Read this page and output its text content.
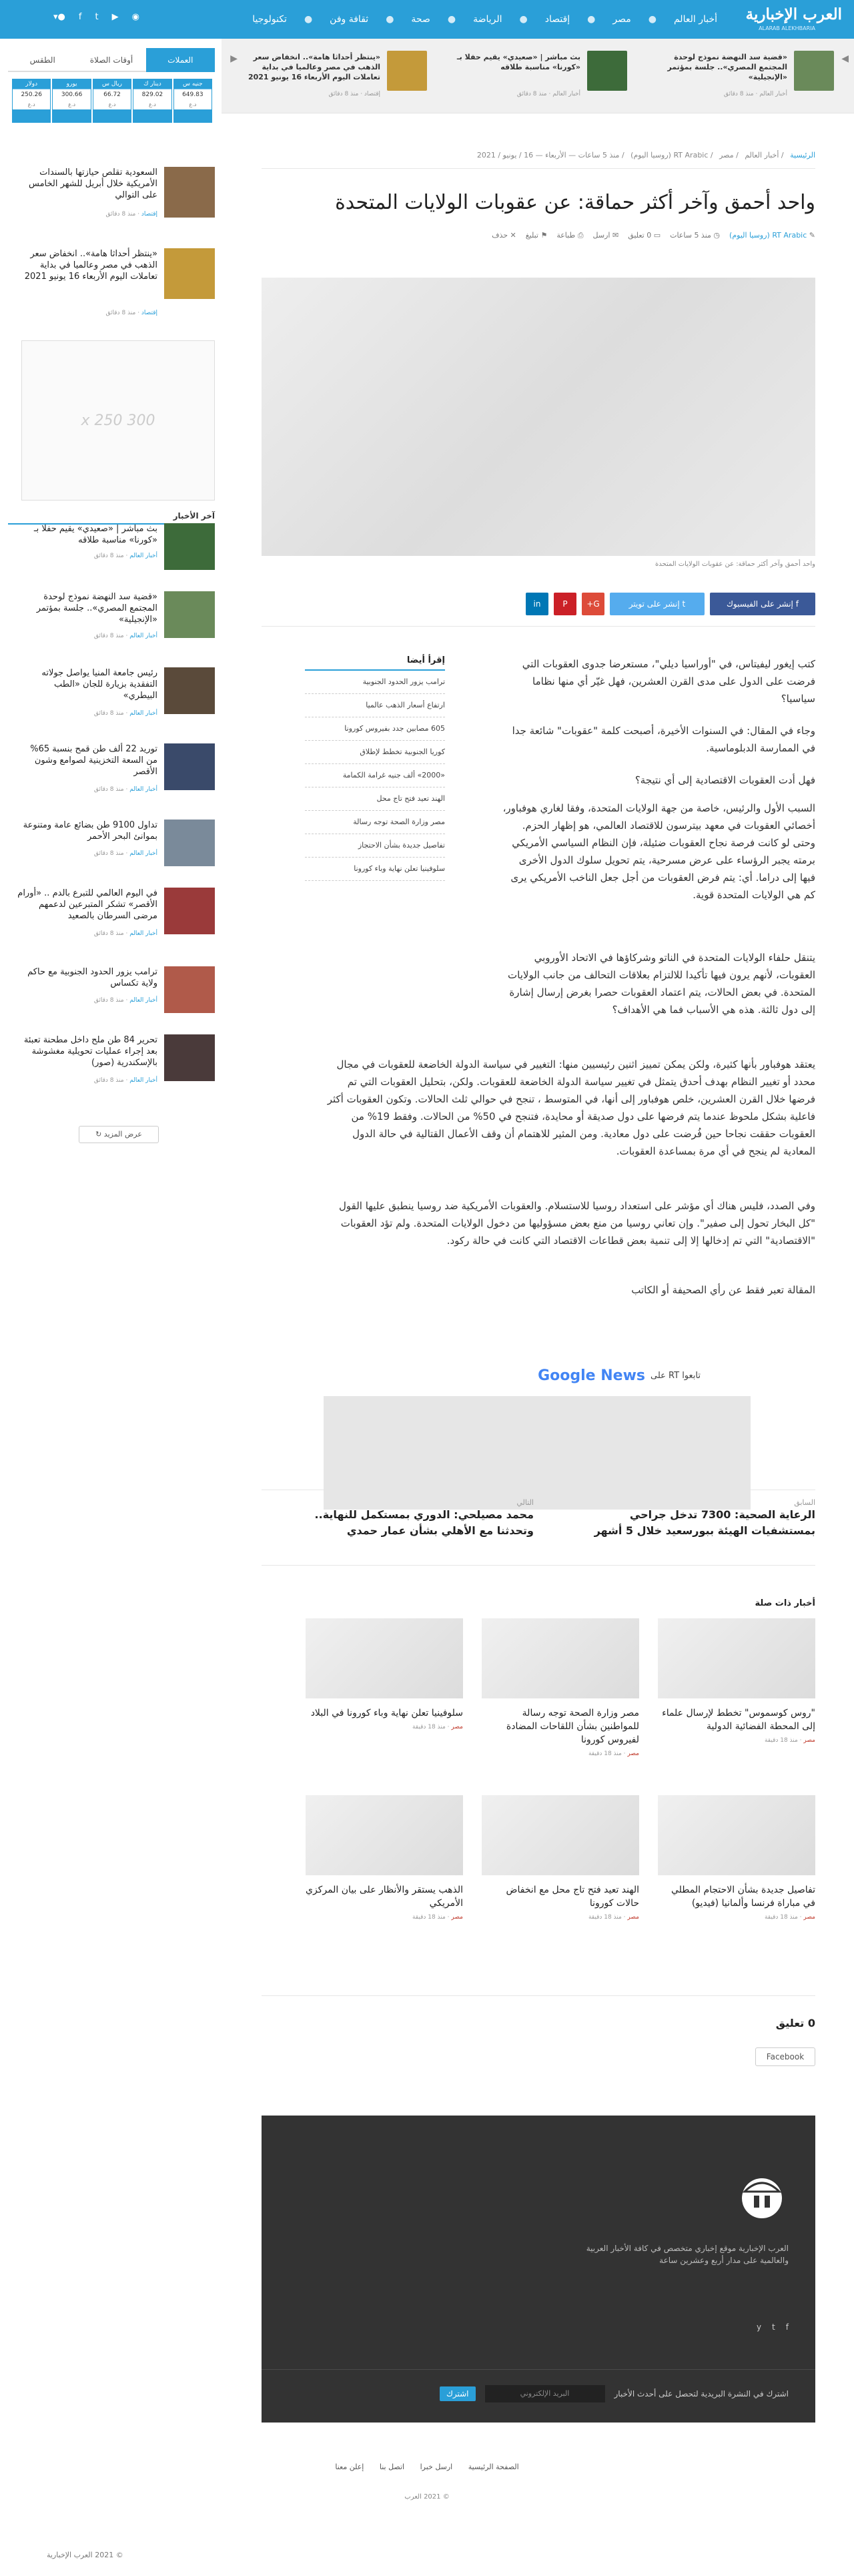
العرب الإخبارية
ALARAB ALEKHBARIA
أخبار العالم
●
مصر
●
إقتصاد
●
الرياضة
●
صحة
●
ثقافة وفن
●
تكنولوجيا
◉
▶
t
f
●▾
◀
▶	«قضية سد النهضة نموذج لوحدة المجتمع المصري».. جلسة بمؤتمر «الإنجيلية»
أخبار العالم · منذ 8 دقائق
بث مباشر | «صعيدي» يقيم حفلا بـ «كورنا» مناسبة طلاقه
أخبار العالم · منذ 8 دقائق
«ينتظر أحداثا هامة».. انخفاض سعر الذهب في مصر وعالميا في بداية تعاملات اليوم الأربعاء 16 يونيو 2021
إقتصاد · منذ 8 دقائق
العملات
أوقات الصلاة
الطقس
دولار
250.26
د.ع
يورو
300.66
د.ع
ريال س
66.72
د.ع
دينار ك
829.02
د.ع
جنيه س
649.83
د.ع
السعودية تقلص حيازتها بالسندات الأمريكية خلال أبريل للشهر الخامس على التوالي
إقتصاد · منذ 8 دقائق
«ينتظر أحداثا هامة».. انخفاض سعر الذهب في مصر وعالميا في بداية تعاملات اليوم الأربعاء 16 يونيو 2021
إقتصاد · منذ 8 دقائق
300 x 250
آخر الأخبار
بث مباشر | «صعيدي» يقيم حفلا بـ «كورنا» مناسبة طلاقه
أخبار العالم · منذ 8 دقائق
«قضية سد النهضة نموذج لوحدة المجتمع المصري».. جلسة بمؤتمر «الإنجيلية»
أخبار العالم · منذ 8 دقائق
رئيس جامعة المنيا يواصل جولاته التفقدية بزيارة للجان «الطب البيطري»
أخبار العالم · منذ 8 دقائق
توريد 22 ألف طن قمح بنسبة 65% من السعة التخزينية لصوامع وشون الأقصر
أخبار العالم · منذ 8 دقائق
تداول 9100 طن بضائع عامة ومتنوعة بموانئ البحر الأحمر
أخبار العالم · منذ 8 دقائق
في اليوم العالمي للتبرع بالدم .. «أورام الأقصر» تشكر المتبرعين لدعمهم مرضى السرطان بالصعيد
أخبار العالم · منذ 8 دقائق
ترامب يزور الحدود الجنوبية مع حاكم ولاية تكساس
أخبار العالم · منذ 8 دقائق
تحرير 84 طن ملح داخل مطحنة تعبئة بعد إجراء عمليات تحويلية مغشوشة بالإسكندرية (صور)
أخبار العالم · منذ 8 دقائق
عرض المزيد ↻
© 2021 العرب الإخبارية
الرئيسية / أخبار العالم / مصر / RT Arabic (روسيا اليوم) / منذ 5 ساعات — الأربعاء — 16 / يونيو / 2021
واحد أحمق وآخر أكثر حماقة: عن عقوبات الولايات المتحدة
✎ RT Arabic (روسيا اليوم)
◷ منذ 5 ساعات
▭ 0 تعليق
✉ ارسل
⎙ طباعة
⚑ تبليغ
✕ حذف
واحد أحمق وآخر أكثر حماقة: عن عقوبات الولايات المتحدة
f إنشر على الفيسبوك
t إنشر على تويتر
G+
P
in
إقرأ أيضا
ترامب يزور الحدود الجنوبية
ارتفاع أسعار الذهب عالميا
605 مصابين جدد بفيروس كورونا
كوريا الجنوبية تخطط لإطلاق
«2000» ألف جنيه غرامة الكمامة
الهند تعيد فتح تاج محل
مصر وزارة الصحة توجه رسالة
تفاصيل جديدة بشأن الاحتجاز
سلوفينيا تعلن نهاية وباء كورونا

كتب إيغور ليفيتاس، في "أوراسيا ديلي"، مستعرضا جدوى العقوبات التي فرضت على الدول على مدى القرن العشرين، فهل غيّر أي منها نظاما سياسيا؟

وجاء في المقال: في السنوات الأخيرة، أصبحت كلمة "عقوبات" شائعة جدا في الممارسة الدبلوماسية.

فهل أدت العقوبات الاقتصادية إلى أي نتيجة؟

السبب الأول والرئيس، خاصة من جهة الولايات المتحدة، وفقا لغاري هوفباور، أخصائي العقوبات في معهد بيترسون للاقتصاد العالمي، هو إظهار الحزم. وحتى لو كانت فرصة نجاح العقوبات ضئيلة، فإن النظام السياسي الأمريكي برمته يجبر الرؤساء على عرض مسرحية، يتم تحويل سلوك الدول الأخرى فيها إلى دراما. أي: يتم فرض العقوبات من أجل جعل الناخب الأمريكي يرى كم هي الولايات المتحدة قوية.

يتنقل حلفاء الولايات المتحدة في الناتو وشركاؤها في الاتحاد الأوروبي العقوبات، لأنهم يرون فيها تأكيدا للالتزام بعلاقات التحالف من جانب الولايات المتحدة. في بعض الحالات، يتم اعتماد العقوبات حصرا بغرض إرسال إشارة إلى دول ثالثة. هذه هي الأسباب فما هي الأهداف؟

يعتقد هوفباور بأنها كثيرة، ولكن يمكن تمييز اثنين رئيسيين منها: التغيير في سياسة الدولة الخاضعة للعقوبات في مجال محدد أو تغيير النظام بهدف أحدق يتمثل في تغيير سياسة الدولة الخاضعة للعقوبات. ولكن، بتحليل العقوبات التي تم فرضها خلال القرن العشرين، خلص هوفباور إلى أنها، في المتوسط ، تنجح في حوالي ثلث الحالات. وتكون العقوبات أكثر فاعلية بشكل ملحوظ عندما يتم فرضها على دول صديقة أو محايدة، فتنجح في 50% من الحالات. وفقط 19% من العقوبات حققت نجاحا حين فُرضت على دول معادية. ومن المثير للاهتمام أن وقف الأعمال القتالية في حالة الدول المعادية لم ينجح في أي مرة بمساعدة العقوبات.

وفي الصدد، فليس هناك أي مؤشر على استعداد روسيا للاستسلام. والعقوبات الأمريكية ضد روسيا ينطبق عليها القول "كل البخار تحول إلى صفير". وإن تعاني روسيا من منع بعض مسؤوليها من دخول الولايات المتحدة. ولم تؤد العقوبات "الاقتصادية" التي تم إدخالها إلا إلى تنمية بعض قطاعات الاقتصاد التي كانت في حالة ركود.

المقالة تعبر فقط عن رأي الصحيفة أو الكاتب

تابعوا RT على
Google News
السابق
الرعاية الصحية: 7300 تدخل جراحي بمستشفيات الهيئة ببورسعيد خلال 5 أشهر
التالي
محمد مصيلحي: الدوري بمستكمل للنهاية.. وتحدثنا مع الأهلي بشأن عمار حمدي
أخبار ذات صلة
"روس كوسموس" تخطط لإرسال علماء إلى المحطة الفضائية الدولية
مصر · منذ 18 دقيقة
مصر وزارة الصحة توجه رسالة للمواطنين بشأن اللقاحات المضادة لفيروس كورونا
مصر · منذ 18 دقيقة
سلوفينيا تعلن نهاية وباء كورونا في البلاد
مصر · منذ 18 دقيقة
تفاصيل جديدة بشأن الاحتجام المطلي في مباراة فرنسا وألمانيا (فيديو)
مصر · منذ 18 دقيقة
الهند تعيد فتح تاج محل مع انخفاض حالات كورونا
مصر · منذ 18 دقيقة
الذهب يستقر والأنظار على بيان المركزي الأمريكي
مصر · منذ 18 دقيقة
0 تعليق
Facebook
العرب الإخبارية موقع إخباري متخصص في كافة الأخبار العربية والعالمية على مدار أربع وعشرين ساعة
f
t
y
اشترك في النشرة البريدية لتحصل على أحدث الأخبار
البريد الإلكتروني
اشترك
الصفحة الرئيسية ارسل خبرا اتصل بنا إعلن معنا
© 2021 العرب
